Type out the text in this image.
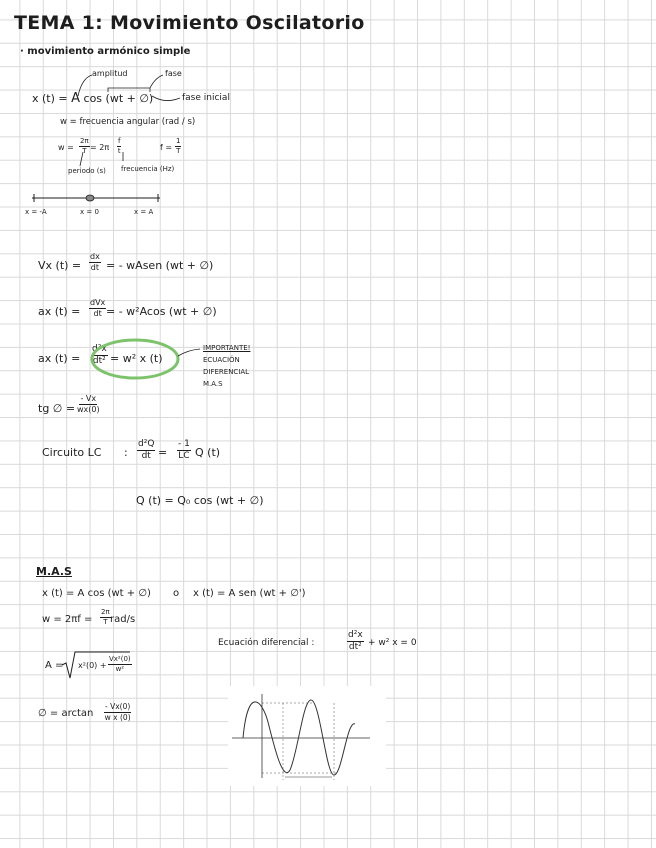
TEMA 1: Movimiento Oscilatorio
· movimiento armónico simple
amplitud	fase
x (t) = A cos (wt + ∅)	fase inicial
w = frecuencia angular (rad / s)
$w = \frac{2\pi}{T} = 2\pi \frac{f}{t}$	$f = \frac{1}{T}$
periodo (s) frecuencia (Hz)
x = -A	x = 0	x = A
Vx $(t) = \frac{dx}{dt}$ = - wAsen (wt + ∅)
ax (t) =
dVx
dt = - w²Acos (wt + ∅)
ax $(t) = \frac{\text{d²x}}{\text{dt²}} = w^2$ x (t)
IMPORTANTE!
ECUACIÓN
DIFERENCIAL
M.A.S
tg ∅ = $\frac{- Vx}{wx(0)}$
Circuito LC : $\frac{\text{d²Q}}{dt} = \frac{- 1}{LC}$ Q (t)
Q (t) = Q₀ cos (wt + ∅)
M.A.S
x (t) = A cos (wt + ∅) o x (t) = A sen (wt + ∅')
$w = 2\pi f = \frac{2\pi}{T} rad/s$
Ecuación diferencial :	$\frac{\text{d²x}}{\text{dt²}} + w^2$ x = 0
$A = x^2(0) + \frac{\text{Vx²(0)}}{\text{w²}}$
∅ = $\arctan \frac{- Vx(0)}{\text{w x (0)}}$
